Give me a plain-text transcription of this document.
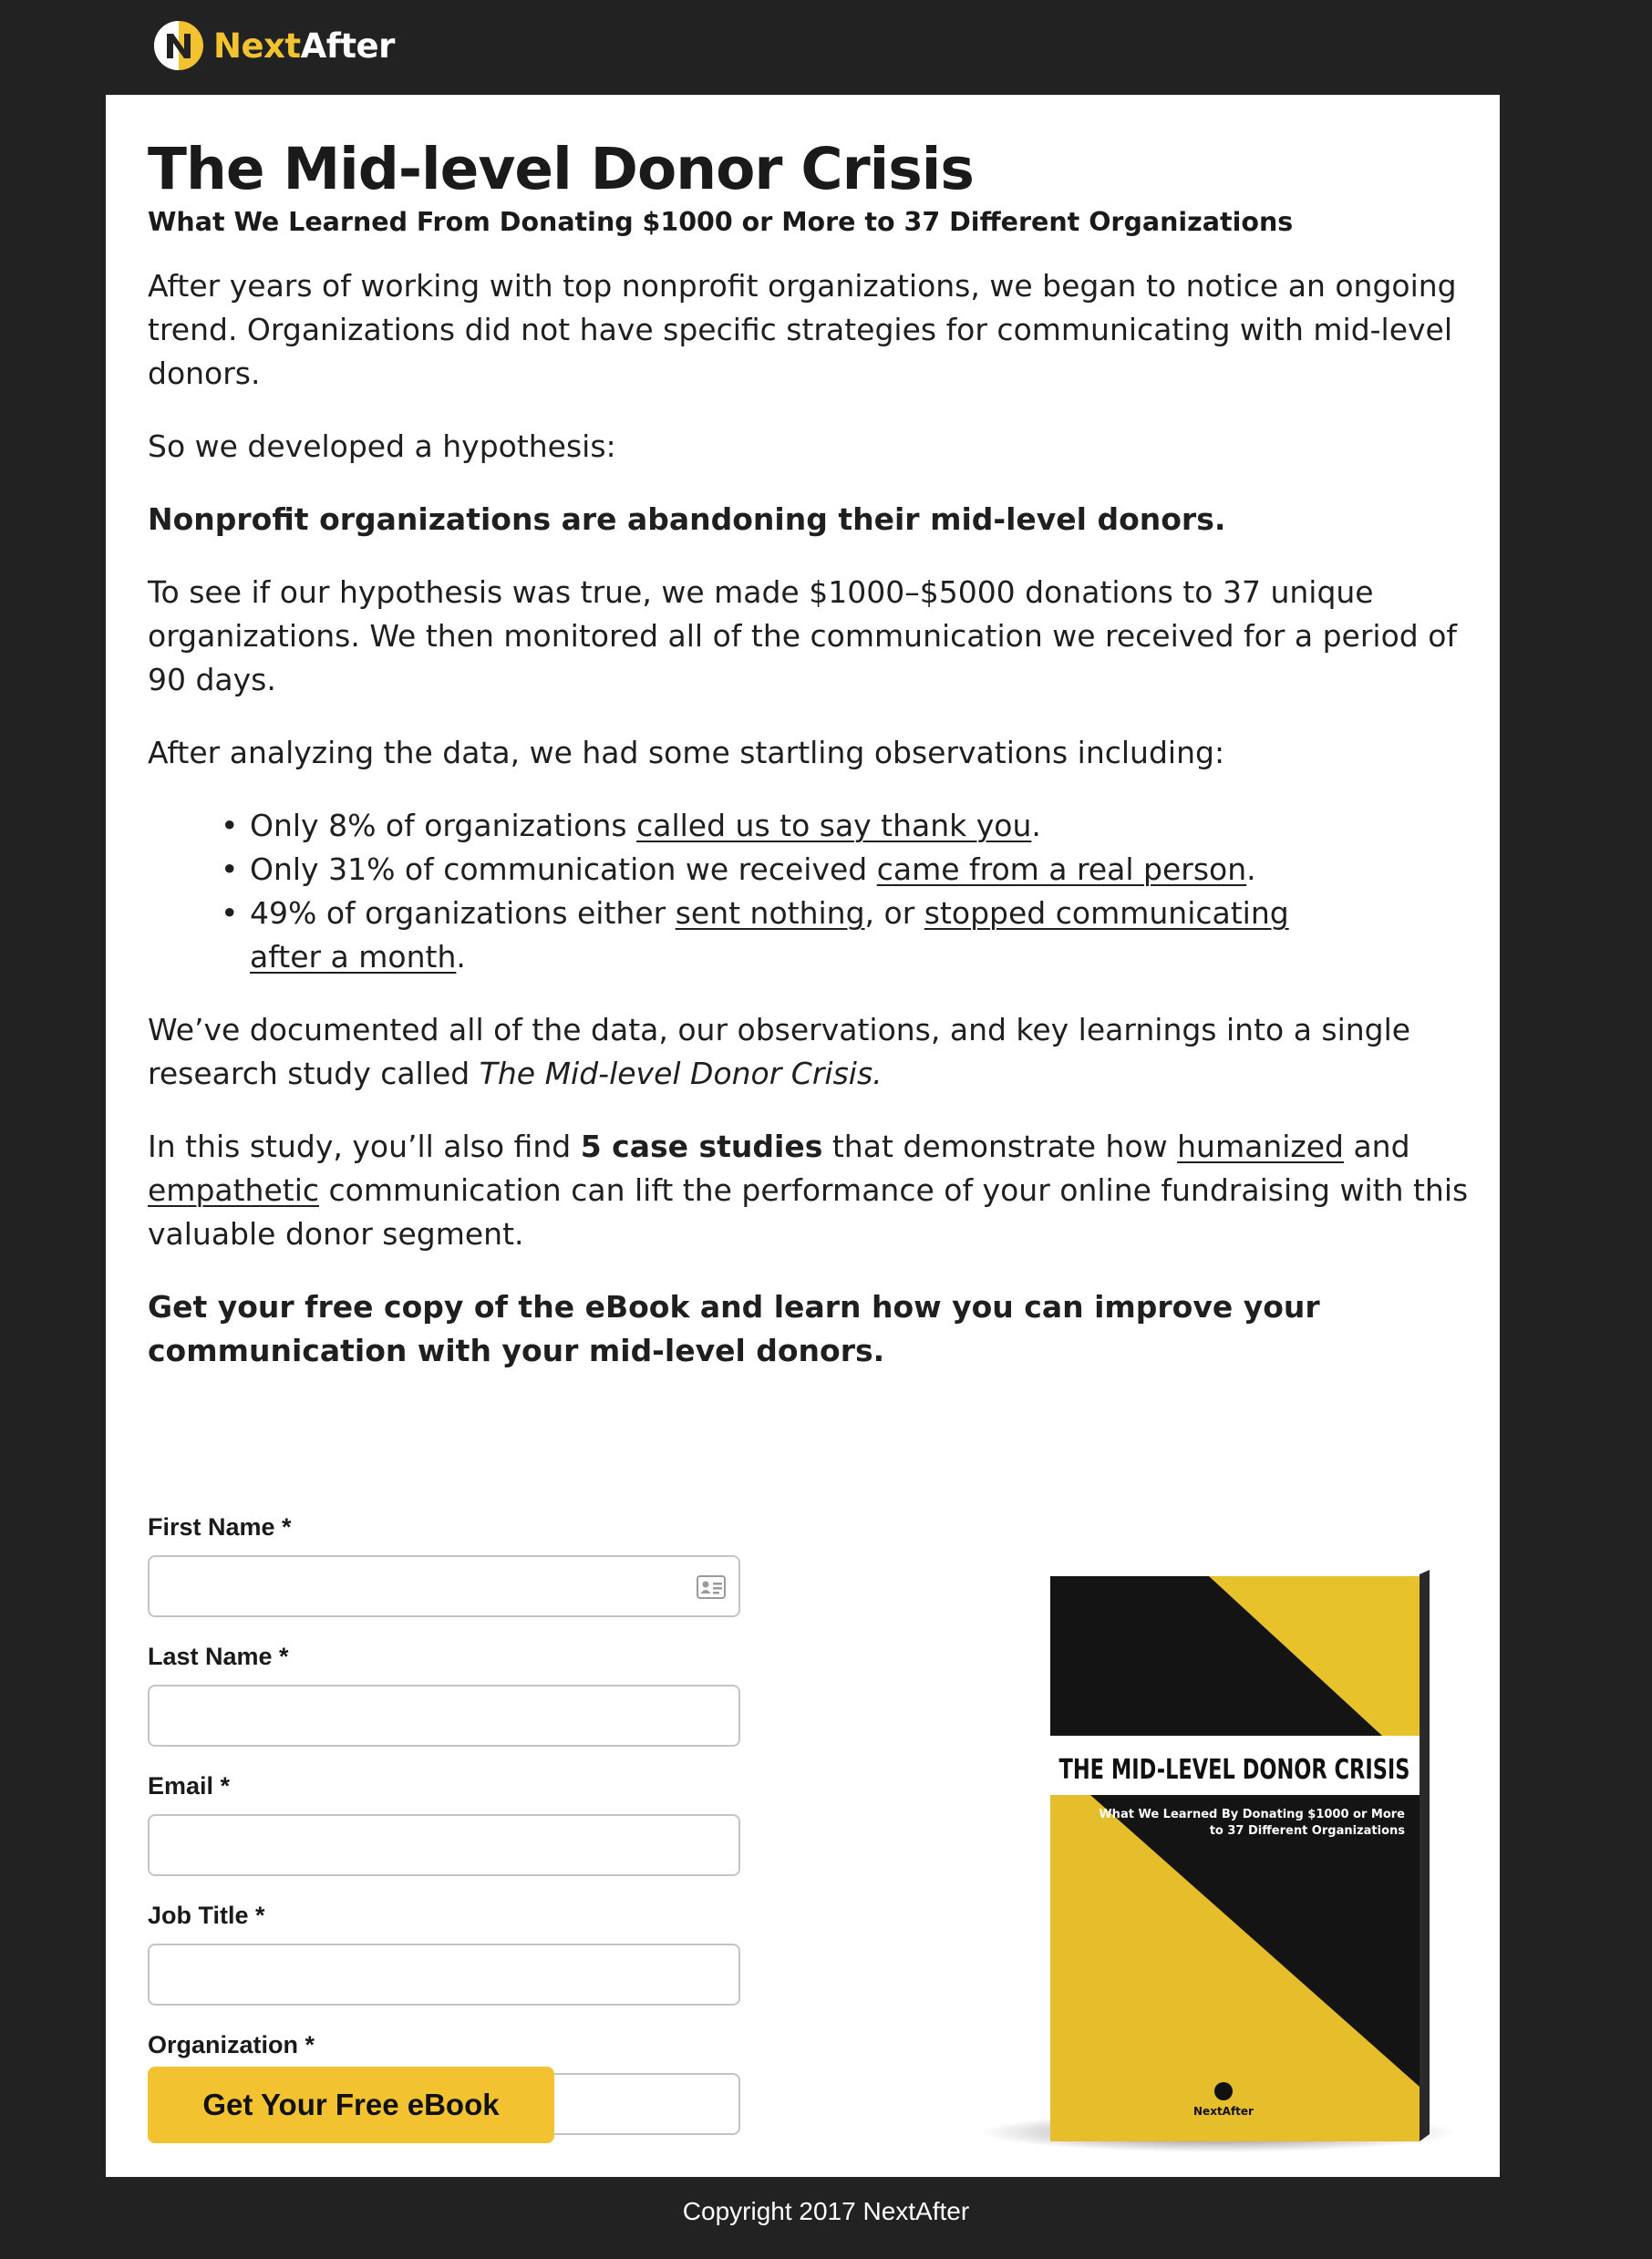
NextAfter
The Mid-level Donor Crisis
What We Learned From Donating $1000 or More to 37 Different Organizations

After years of working with top nonprofit organizations, we began to notice an ongoing trend. Organizations did not have specific strategies for communicating with mid-level donors.

So we developed a hypothesis:

Nonprofit organizations are abandoning their mid-level donors.

To see if our hypothesis was true, we made $1000–$5000 donations to 37 unique organizations. We then monitored all of the communication we received for a period of 90 days.

After analyzing the data, we had some startling observations including:

• Only 8% of organizations called us to say thank you.
• Only 31% of communication we received came from a real person.
• 49% of organizations either sent nothing, or stopped communicating after a month.

We’ve documented all of the data, our observations, and key learnings into a single research study called The Mid-level Donor Crisis.

In this study, you’ll also find 5 case studies that demonstrate how humanized and empathetic communication can lift the performance of your online fundraising with this valuable donor segment.

Get your free copy of the eBook and learn how you can improve your communication with your mid-level donors.

First Name *
Last Name *
Email *
Job Title *
Organization *
THE MID-LEVEL DONOR CRISIS
What We Learned By Donating $1000 or More
to 37 Different Organizations
NextAfter
Get Your Free eBook
Copyright 2017 NextAfter
